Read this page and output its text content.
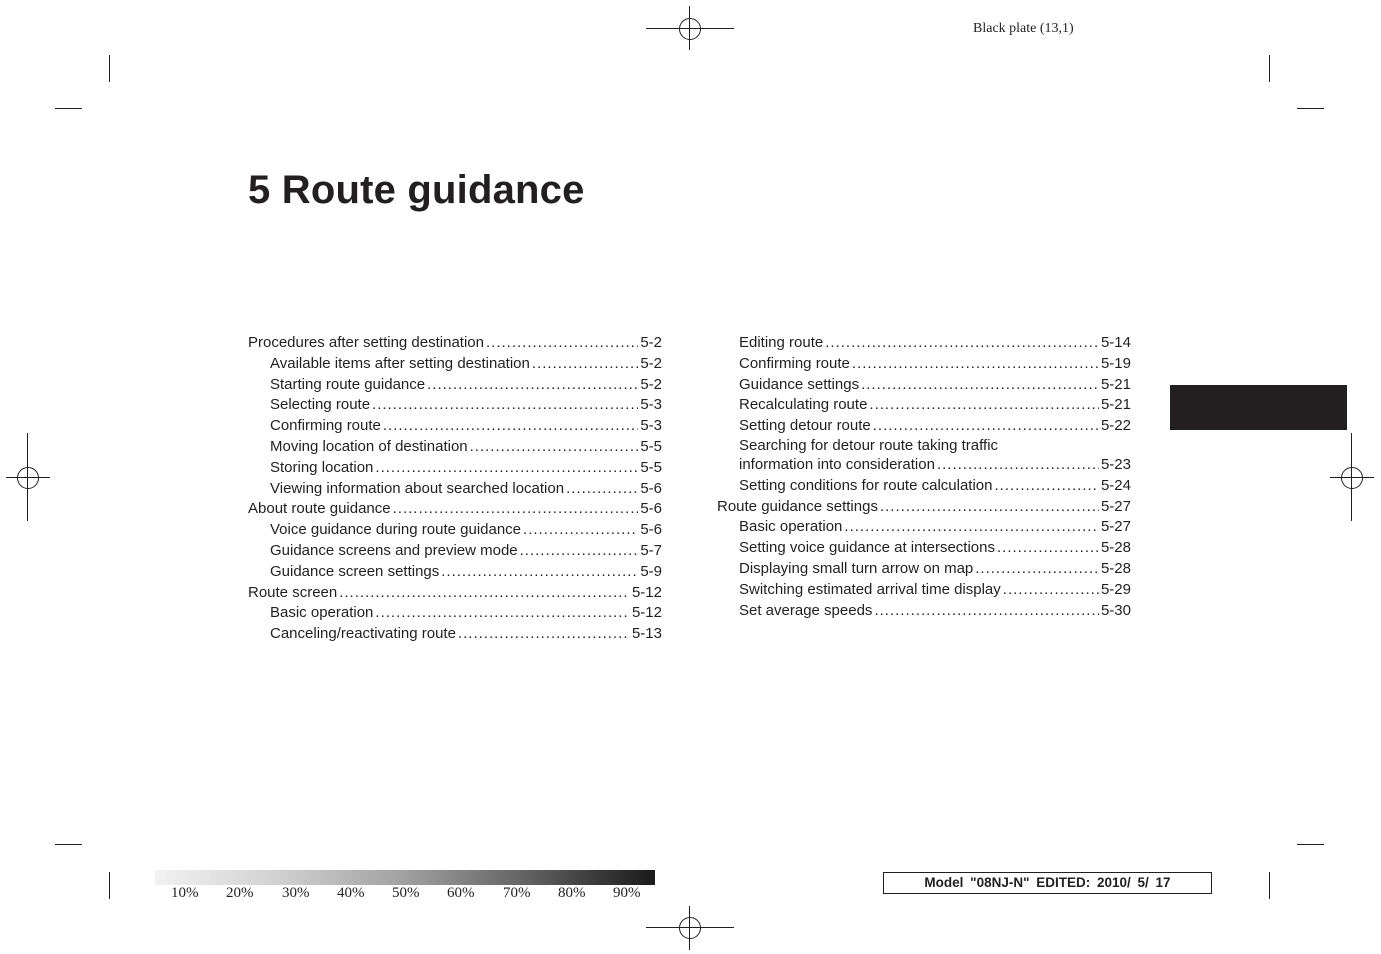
Black plate (13,1)
5 Route guidance
Procedures after setting destination .....	5-2
Available items after setting destination .....	5-2
Starting route guidance .....	5-2
Selecting route .....	5-3
Confirming route .....	5-3
Moving location of destination .....	5-5
Storing location .....	5-5
Viewing information about searched location .....	5-6
About route guidance .....	5-6
Voice guidance during route guidance .....	5-6
Guidance screens and preview mode .....	5-7
Guidance screen settings .....	5-9
Route screen .....	5-12
Basic operation .....	5-12
Canceling/reactivating route .....	5-13
Editing route .....	5-14
Confirming route .....	5-19
Guidance settings .....	5-21
Recalculating route .....	5-21
Setting detour route .....	5-22
Searching for detour route taking traffic
information into consideration .....	5-23
Setting conditions for route calculation .....	5-24
Route guidance settings .....	5-27
Basic operation .....	5-27
Setting voice guidance at intersections .....	5-28
Displaying small turn arrow on map .....	5-28
Switching estimated arrival time display .....	5-29
Set average speeds .....	5-30
10% 20% 30% 40% 50% 60% 70% 80% 90%
Model "08NJ-N" EDITED: 2010/ 5/ 17
